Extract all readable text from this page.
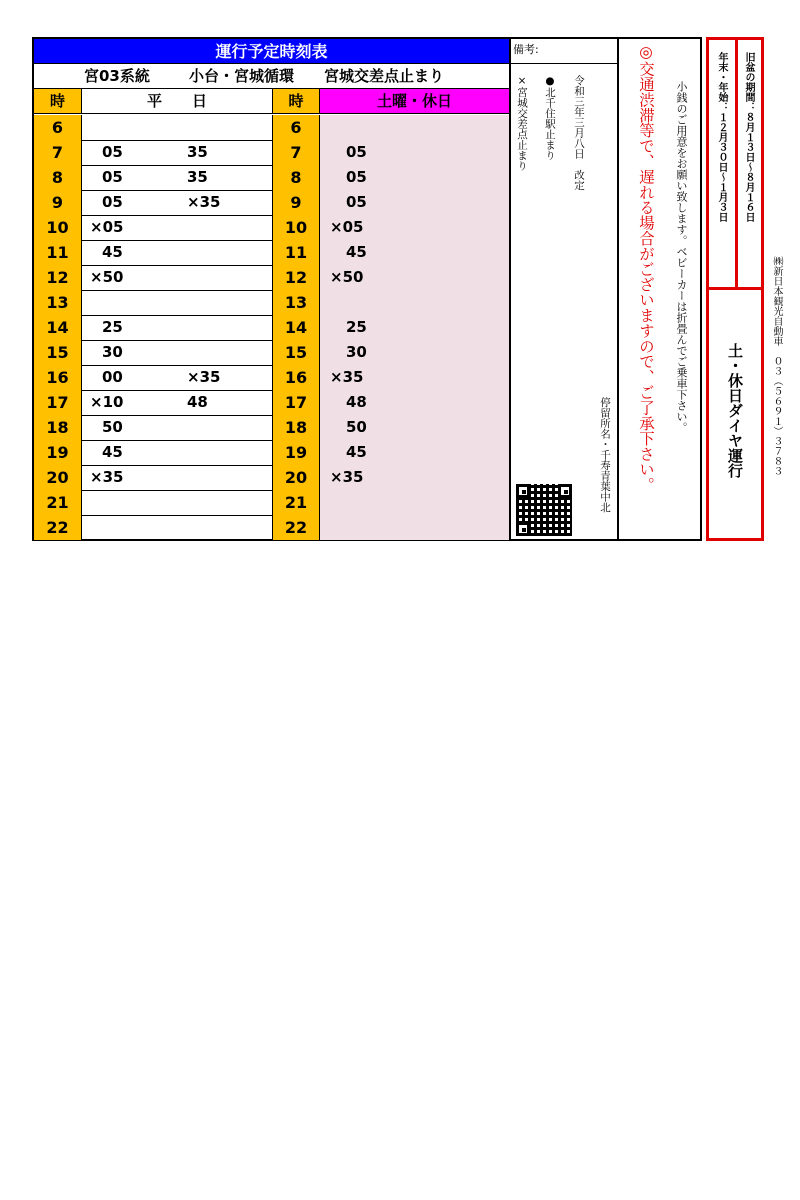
運行予定時刻表
宮03系統	小台・宮城循環 宮城交差点止まり
時	平　　日	時	土曜・休日
6	6
7	05	35	7	05
8	05	35	8	05
9	05	×35	9	05
10	×05	10	×05
11	45	11	45
12	×50	12	×50
13	13
14	25	14	25
15	30	15	30
16	00	×35	16	×35
17	×10	48	17	48
18	50	18	50
19	45	19	45
20	×35	20	×35
21	21
22	22
備考:
令和三年三月八日　改定
●北千住駅止まり
×宮城交差点止まり
停留所名・千寿青葉中北
小銭のご用意をお願い致します。ベビーカーは折畳んでご乗車下さい。
◎交通渋滞等で、遅れる場合がございますので、ご了承下さい。	旧盆の期間：８月１３日～８月１６日
年末・年始：１２月３０日～１月３日
土・休日ダイヤ運行	㈱新日本観光自動車　０３（５６９１）３７８３
